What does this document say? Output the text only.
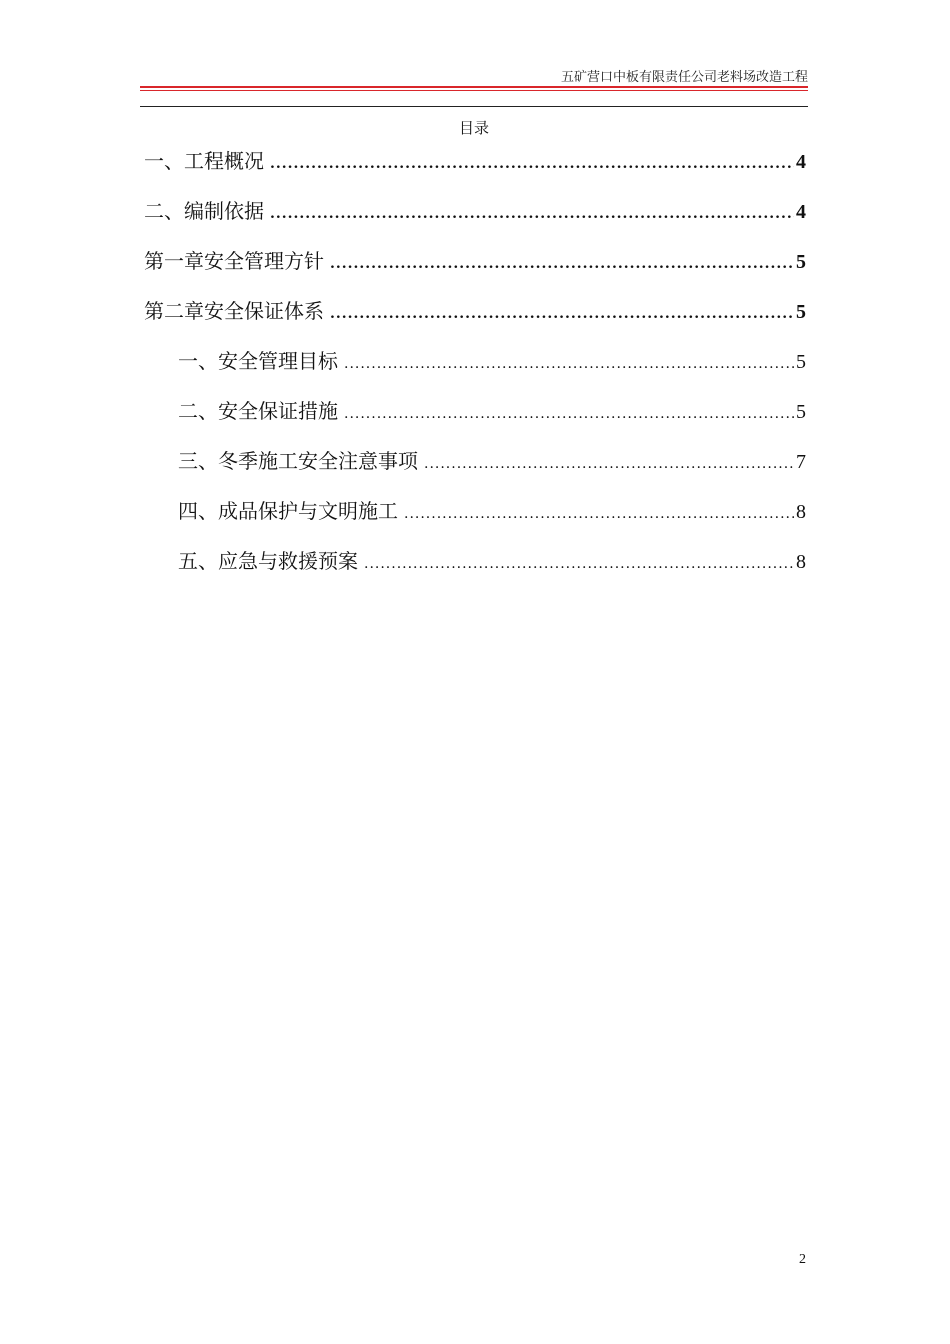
五矿营口中板有限责任公司老料场改造工程
目录
一、工程概况 .....	4
二、编制依据 .....	4
第一章安全管理方针 .....	5
第二章安全保证体系 .....	5
一、安全管理目标 .....	5
二、安全保证措施 .....	5
三、冬季施工安全注意事项 .....	7
四、成品保护与文明施工 .....	8
五、应急与救援预案 .....	8
2
